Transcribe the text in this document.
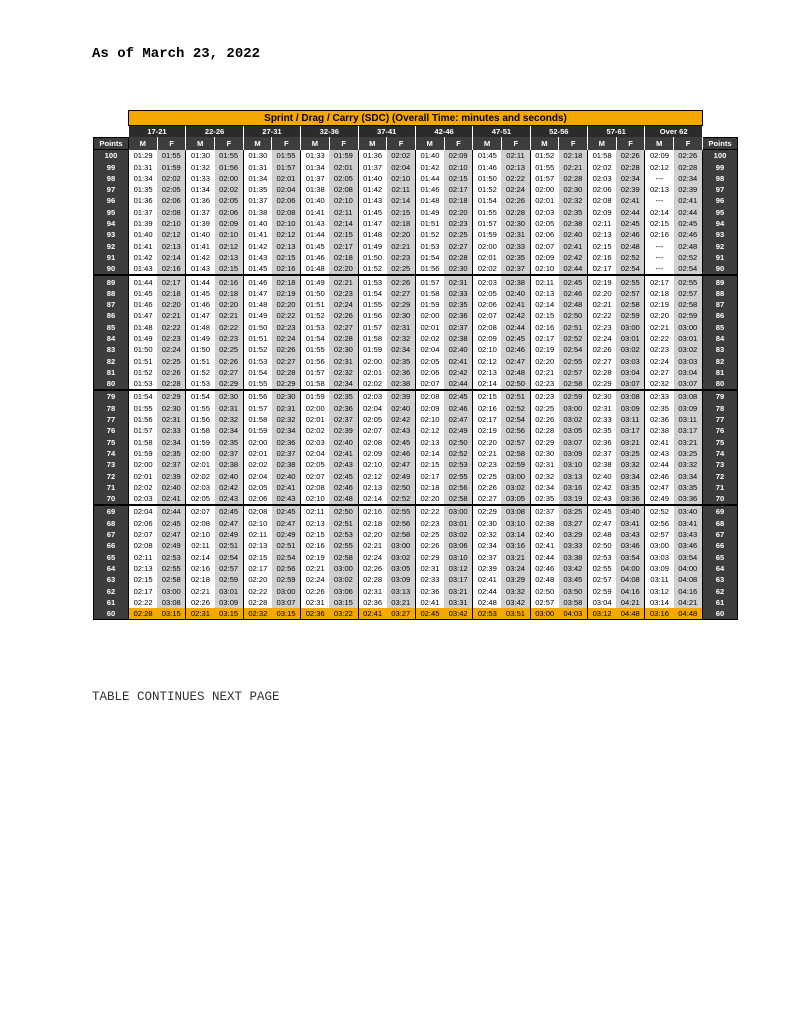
As of March 23, 2022
	Sprint / Drag / Carry (SDC) (Overall Time: minutes and seconds)																				
	17-21		22-26		27-31		32-36		37-41		42-46		47-51		52-56		57-61		Over 62		
Points	M	F	M	F	M	F	M	F	M	F	M	F	M	F	M	F	M	F	M	F	Points
100	01:29	01:55	01:30	01:55	01:30	01:55	01:33	01:59	01:36	02:02	01:40	02:09	01:45	02:11	01:52	02:18	01:58	02:26	02:09	02:26	100
99	01:31	01:59	01:32	01:56	01:31	01:57	01:34	02:01	01:37	02:04	01:42	02:10	01:46	02:13	01:55	02:21	02:02	02:28	02:12	02:28	99
98	01:34	02:02	01:33	02:00	01:34	02:01	01:37	02:05	01:40	02:10	01:44	02:15	01:50	02:22	01:57	02:28	02:03	02:34	---	02:34	98
97	01:35	02:05	01:34	02:02	01:35	02:04	01:38	02:08	01:42	02:11	01:46	02:17	01:52	02:24	02:00	02:30	02:06	02:39	02:13	02:39	97
96	01:36	02:06	01:36	02:05	01:37	02:06	01:40	02:10	01:43	02:14	01:48	02:18	01:54	02:26	02:01	02:32	02:08	02:41	---	02:41	96
95	01:37	02:08	01:37	02:06	01:38	02:08	01:41	02:11	01:45	02:15	01:49	02:20	01:55	02:28	02:03	02:35	02:09	02:44	02:14	02:44	95
94	01:39	02:10	01:39	02:09	01:40	02:10	01:43	02:14	01:47	02:18	01:51	02:23	01:57	02:30	02:05	02:38	02:11	02:45	02:15	02:45	94
93	01:40	02:12	01:40	02:10	01:41	02:12	01:44	02:15	01:48	02:20	01:52	02:25	01:59	02:31	02:06	02:40	02:13	02:46	02:16	02:46	93
92	01:41	02:13	01:41	02:12	01:42	02:13	01:45	02:17	01:49	02:21	01:53	02:27	02:00	02:33	02:07	02:41	02:15	02:48	---	02:48	92
91	01:42	02:14	01:42	02:13	01:43	02:15	01:46	02:18	01:50	02:23	01:54	02:28	02:01	02:35	02:09	02:42	02:16	02:52	---	02:52	91
90	01:43	02:16	01:43	02:15	01:45	02:16	01:48	02:20	01:52	02:25	01:56	02:30	02:02	02:37	02:10	02:44	02:17	02:54	---	02:54	90
89	01:44	02:17	01:44	02:16	01:46	02:18	01:49	02:21	01:53	02:26	01:57	02:31	02:03	02:38	02:11	02:45	02:19	02:55	02:17	02:55	89
88	01:45	02:18	01:45	02:18	01:47	02:19	01:50	02:23	01:54	02:27	01:58	02:33	02:05	02:40	02:13	02:46	02:20	02:57	02:18	02:57	88
87	01:46	02:20	01:46	02:20	01:48	02:20	01:51	02:24	01:55	02:29	01:59	02:35	02:06	02:41	02:14	02:48	02:21	02:58	02:19	02:58	87
86	01:47	02:21	01:47	02:21	01:49	02:22	01:52	02:26	01:56	02:30	02:00	02:36	02:07	02:42	02:15	02:50	02:22	02:59	02:20	02:59	86
85	01:48	02:22	01:48	02:22	01:50	02:23	01:53	02:27	01:57	02:31	02:01	02:37	02:08	02:44	02:16	02:51	02:23	03:00	02:21	03:00	85
84	01:49	02:23	01:49	02:23	01:51	02:24	01:54	02:28	01:58	02:32	02:02	02:38	02:09	02:45	02:17	02:52	02:24	03:01	02:22	03:01	84
83	01:50	02:24	01:50	02:25	01:52	02:26	01:55	02:30	01:59	02:34	02:04	02:40	02:10	02:46	02:19	02:54	02:26	03:02	02:23	03:02	83
82	01:51	02:25	01:51	02:26	01:53	02:27	01:56	02:31	02:00	02:35	02:05	02:41	02:12	02:47	02:20	02:55	02:27	03:03	02:24	03:03	82
81	01:52	02:26	01:52	02:27	01:54	02:28	01:57	02:32	02:01	02:36	02:06	02:42	02:13	02:48	02:21	02:57	02:28	03:04	02:27	03:04	81
80	01:53	02:28	01:53	02:29	01:55	02:29	01:58	02:34	02:02	02:38	02:07	02:44	02:14	02:50	02:23	02:58	02:29	03:07	02:32	03:07	80
79	01:54	02:29	01:54	02:30	01:56	02:30	01:59	02:35	02:03	02:39	02:08	02:45	02:15	02:51	02:23	02:59	02:30	03:08	02:33	03:08	79
78	01:55	02:30	01:55	02:31	01:57	02:31	02:00	02:36	02:04	02:40	02:09	02:46	02:16	02:52	02:25	03:00	02:31	03:09	02:35	03:09	78
77	01:56	02:31	01:56	02:32	01:58	02:32	02:01	02:37	02:05	02:42	02:10	02:47	02:17	02:54	02:26	03:02	02:33	03:11	02:36	03:11	77
76	01:57	02:33	01:58	02:34	01:59	02:34	02:02	02:39	02:07	02:43	02:12	02:49	02:19	02:56	02:28	03:05	02:35	03:17	02:38	03:17	76
75	01:58	02:34	01:59	02:35	02:00	02:36	02:03	02:40	02:08	02:45	02:13	02:50	02:20	02:57	02:29	03:07	02:36	03:21	02:41	03:21	75
74	01:59	02:35	02:00	02:37	02:01	02:37	02:04	02:41	02:09	02:46	02:14	02:52	02:21	02:58	02:30	03:09	02:37	03:25	02:43	03:25	74
73	02:00	02:37	02:01	02:38	02:02	02:38	02:05	02:43	02:10	02:47	02:15	02:53	02:23	02:59	02:31	03:10	02:38	03:32	02:44	03:32	73
72	02:01	02:39	02:02	02:40	02:04	02:40	02:07	02:45	02:12	02:49	02:17	02:55	02:25	03:00	02:32	03:13	02:40	03:34	02:46	03:34	72
71	02:02	02:40	02:03	02:42	02:05	02:41	02:08	02:46	02:13	02:50	02:18	02:56	02:26	03:02	02:34	03:16	02:42	03:35	02:47	03:35	71
70	02:03	02:41	02:05	02:43	02:06	02:43	02:10	02:48	02:14	02:52	02:20	02:58	02:27	03:05	02:35	03:19	02:43	03:36	02:49	03:36	70
69	02:04	02:44	02:07	02:45	02:08	02:45	02:11	02:50	02:16	02:55	02:22	03:00	02:29	03:08	02:37	03:25	02:45	03:40	02:52	03:40	69
68	02:06	02:45	02:08	02:47	02:10	02:47	02:13	02:51	02:18	02:56	02:23	03:01	02:30	03:10	02:38	03:27	02:47	03:41	02:56	03:41	68
67	02:07	02:47	02:10	02:49	02:11	02:49	02:15	02:53	02:20	02:58	02:25	03:02	02:32	03:14	02:40	03:29	02:48	03:43	02:57	03:43	67
66	02:08	02:49	02:11	02:51	02:13	02:51	02:16	02:55	02:21	03:00	02:26	03:06	02:34	03:16	02:41	03:33	02:50	03:46	03:00	03:46	66
65	02:11	02:53	02:14	02:54	02:15	02:54	02:19	02:58	02:24	03:02	02:29	03:10	02:37	03:21	02:44	03:38	02:53	03:54	03:03	03:54	65
64	02:13	02:55	02:16	02:57	02:17	02:56	02:21	03:00	02:26	03:05	02:31	03:12	02:39	03:24	02:46	03:42	02:55	04:00	03:09	04:00	64
63	02:15	02:58	02:18	02:59	02:20	02:59	02:24	03:02	02:28	03:09	02:33	03:17	02:41	03:29	02:48	03:45	02:57	04:08	03:11	04:08	63
62	02:17	03:00	02:21	03:01	02:22	03:00	02:26	03:06	02:31	03:13	02:36	03:21	02:44	03:32	02:50	03:50	02:59	04:16	03:12	04:16	62
61	02:22	03:08	02:26	03:09	02:28	03:07	02:31	03:15	02:36	03:21	02:41	03:31	02:48	03:42	02:57	03:58	03:04	04:21	03:14	04:21	61
60	02:28	03:15	02:31	03:15	02:32	03:15	02:36	03:22	02:41	03:27	02:45	03:42	02:53	03:51	03:00	04:03	03:12	04:48	03:16	04:48	60
TABLE CONTINUES NEXT PAGE
